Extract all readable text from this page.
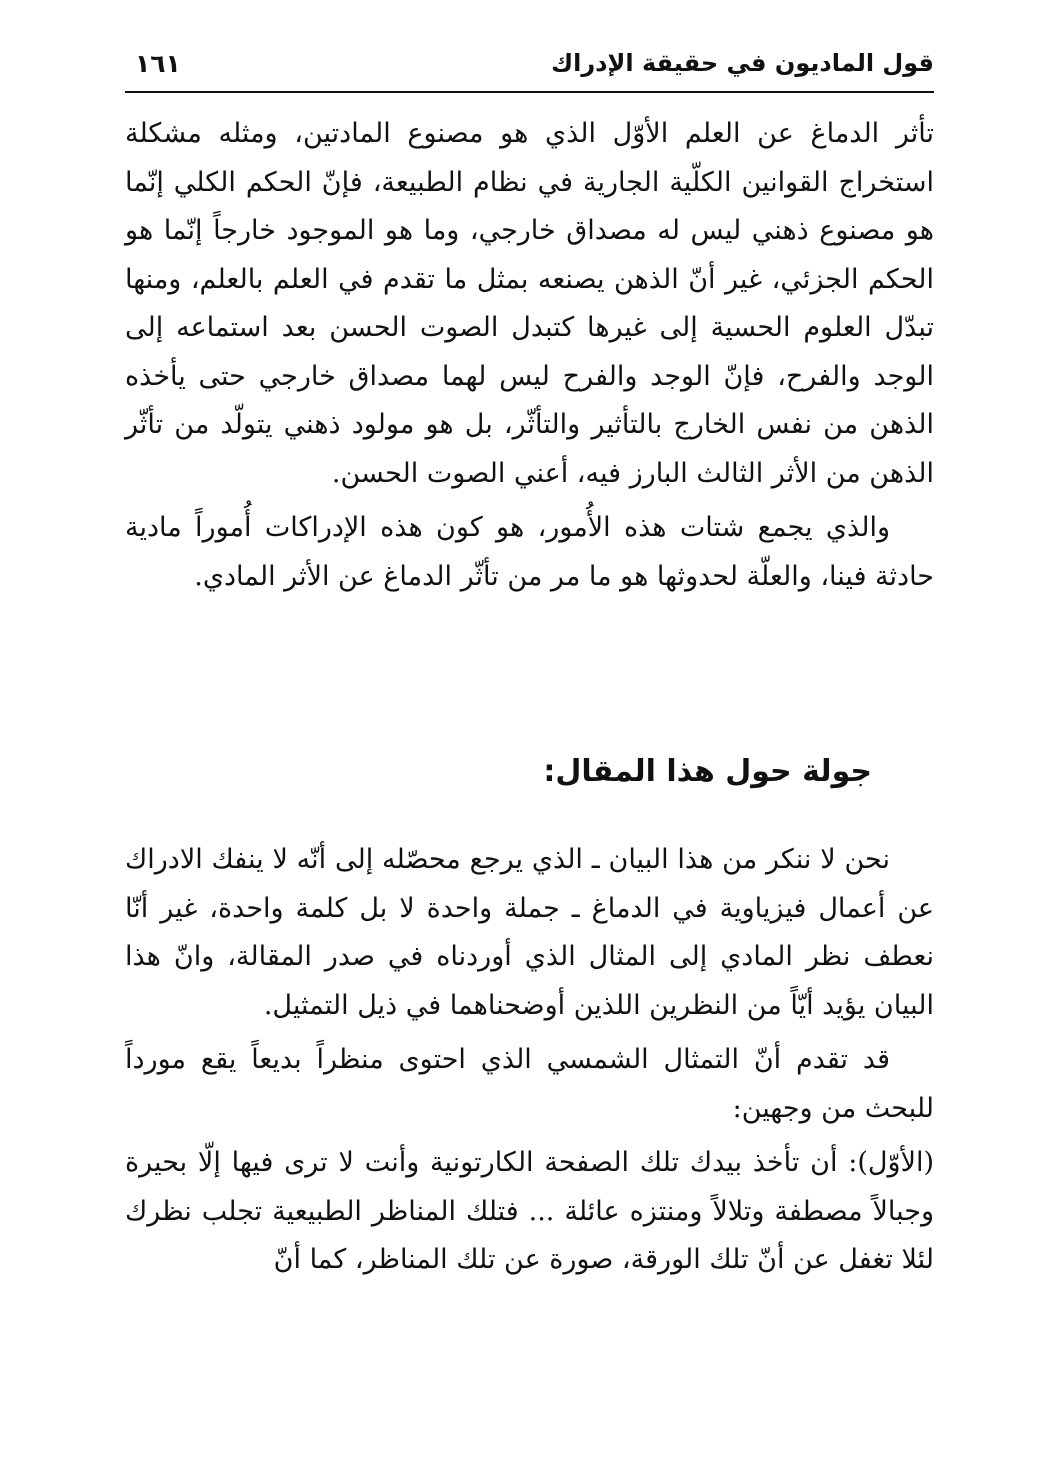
قول الماديون في حقيقة الإدراك
١٦١

تأثر الدماغ عن العلم الأوّل الذي هو مصنوع المادتين، ومثله مشكلة استخراج القوانين الكلّية الجارية في نظام الطبيعة، فإنّ الحكم الكلي إنّما هو مصنوع ذهني ليس له مصداق خارجي، وما هو الموجود خارجاً إنّما هو الحكم الجزئي، غير أنّ الذهن يصنعه بمثل ما تقدم في العلم بالعلم، ومنها تبدّل العلوم الحسية إلى غيرها كتبدل الصوت الحسن بعد استماعه إلى الوجد والفرح، فإنّ الوجد والفرح ليس لهما مصداق خارجي حتى يأخذه الذهن من نفس الخارج بالتأثير والتأثّر، بل هو مولود ذهني يتولّد من تأثّر الذهن من الأثر الثالث البارز فيه، أعني الصوت الحسن.

والذي يجمع شتات هذه الأُمور، هو كون هذه الإدراكات أُموراً مادية حادثة فينا، والعلّة لحدوثها هو ما مر من تأثّر الدماغ عن الأثر المادي.

جولة حول هذا المقال:

نحن لا ننكر من هذا البيان ـ الذي يرجع محصّله إلى أنّه لا ينفك الادراك عن أعمال فيزياوية في الدماغ ـ جملة واحدة لا بل كلمة واحدة، غير أنّا نعطف نظر المادي إلى المثال الذي أوردناه في صدر المقالة، وانّ هذا البيان يؤيد أيّاً من النظرين اللذين أوضحناهما في ذيل التمثيل.

قد تقدم أنّ التمثال الشمسي الذي احتوى منظراً بديعاً يقع مورداً للبحث من وجهين:

(الأوّل): أن تأخذ بيدك تلك الصفحة الكارتونية وأنت لا ترى فيها إلّا بحيرة وجبالاً مصطفة وتلالاً ومنتزه عائلة ... فتلك المناظر الطبيعية تجلب نظرك لئلا تغفل عن أنّ تلك الورقة، صورة عن تلك المناظر، كما أنّ
